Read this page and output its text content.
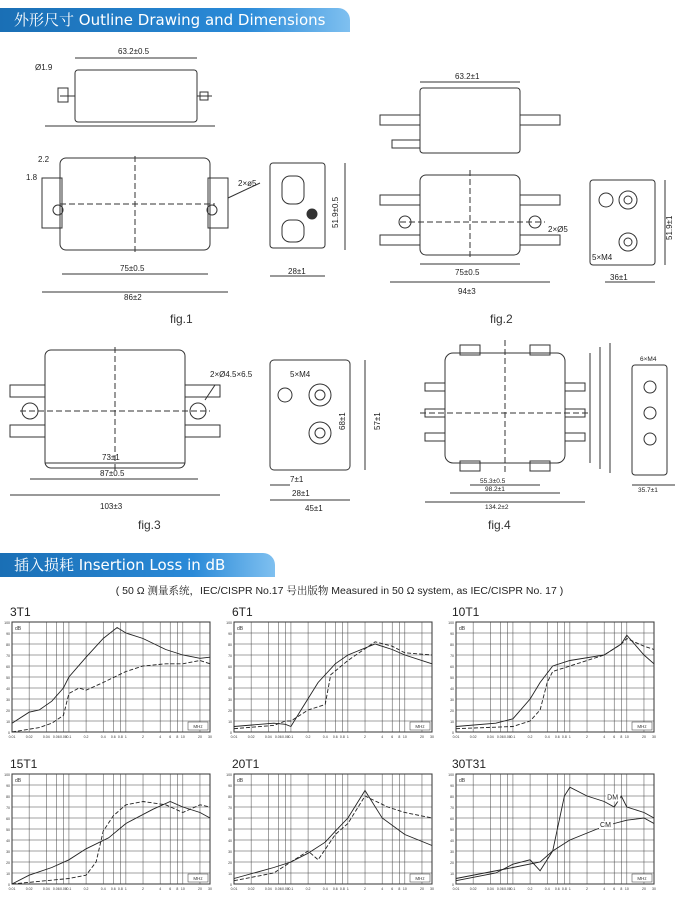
外形尺寸 Outline Drawing and Dimensions (m
Ø1.9
63.2±0.5
2.2
1.8
2×ø5
51.9±0.5
75±0.5
86±2
28±1
fig.1
63.2±1
2×Ø5
5×M4
51.9±1
75±0.5
94±3
36±1
fig.2
2×Ø4.5×6.5	5×M4
73±1
87±0.5
103±3
7±1
28±1
45±1
68±1	57±1
fig.3
6×M4
55.3±0.5
98.2±1
134.2±2
35.7±1
fig.4
插入损耗 Insertion Loss in dB
( 50 Ω 测量系统，IEC/CISPR No.17 号出版物 Measured in 50 Ω system, as IEC/CISPR No. 17 )
3T1	6T1	10T1
15T1	20T1	30T31
0
10
20
30
40
50
60
70
80
90
100
0.01	0.02	0.04 0.06 0.08 0.1	0.2	0.4 0.6 0.8 1	2	4 6 8 10	20 30
dB
MHz
0
10
20
30
40
50
60
70
80
90
100
0.01	0.02	0.04 0.06 0.08 0.1	0.2	0.4 0.6 0.8 1	2	4 6 8 10	20 30
dB
MHz
0
10
20
30
40
50
60
70
80
90
100
0.01	0.02	0.04 0.06 0.08 0.1	0.2	0.4 0.6 0.8 1	2	4 6 8 10	20 30
dB
MHz
0
10
20
30
40
50
60
70
80
90
100
0.01	0.02	0.04 0.06 0.08 0.1	0.2	0.4 0.6 0.8 1	2	4 6 8 10	20 30
dB
MHz
0
10
20
30
40
50
60
70
80
90
100
0.01	0.02	0.04 0.06 0.08 0.1	0.2	0.4 0.6 0.8 1	2	4 6 8 10	20 30
dB
MHz
0
10
20
30
40
50
60
70
80
90
100
0.01	0.02	0.04 0.06 0.08 0.1	0.2	0.4 0.6 0.8 1	2	4 6 8 10	20 30
dB
MHz
DM
CM
